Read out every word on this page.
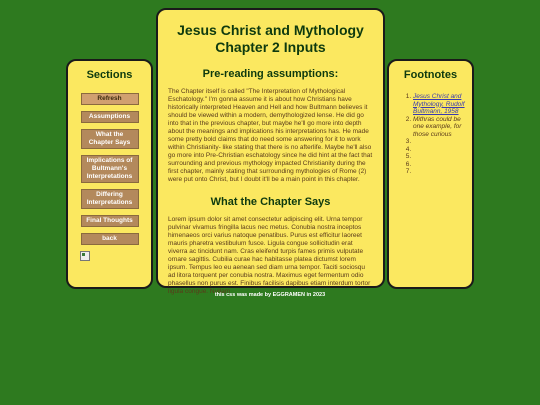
Sections
Refresh
Assumptions
What the Chapter Says
Implications of Bultmann's Interpretations
Differing Interpretations
Final Thoughts
back
Jesus Christ and Mythology Chapter 2 Inputs
Pre-reading assumptions:

The Chapter itself is called "The Interpretation of Mythological Eschatology." I'm gonna assume it is about how Christians have historically interpreted Heaven and Hell and how Bultmann believes it should be viewed within a modern, demythologized lense. He did go into that in the previous chapter, but maybe he'll go more into depth about the meanings and implications his interpretations has. He made some pretty bold claims that do need some answering for it to work within Christianity- like stating that there is no afterlife. Maybe he'll also go more into Pre-Christian eschatology since he did hint at the fact that surrounding and previous mythology impacted Christianity during the first chapter, mainly stating that surrounding mythologies of Rome (2) were put onto Christ, but I doubt it'll be a main point in this chapter.

What the Chapter Says

Lorem ipsum dolor sit amet consectetur adipiscing elit. Urna tempor pulvinar vivamus fringilla lacus nec metus. Conubia nostra inceptos himenaeos orci varius natoque penatibus. Purus est efficitur laoreet mauris pharetra vestibulum fusce. Ligula congue sollicitudin erat viverra ac tincidunt nam. Cras eleifend turpis fames primis vulputate ornare sagittis. Cubilia curae hac habitasse platea dictumst lorem ipsum. Tempus leo eu aenean sed diam urna tempor. Taciti sociosqu ad litora torquent per conubia nostra. Maximus eget fermentum odio phasellus non purus est. Finibus facilisis dapibus etiam interdum tortor ligula congue. Nullam

Footnotes
1. Jesus Christ and Mythology, Rudolf Bultmann, 1958
2. Mithras could be one example, for those curious
3.
4.
5.
6.
7.
this css was made by EGGRAMEN in 2023
